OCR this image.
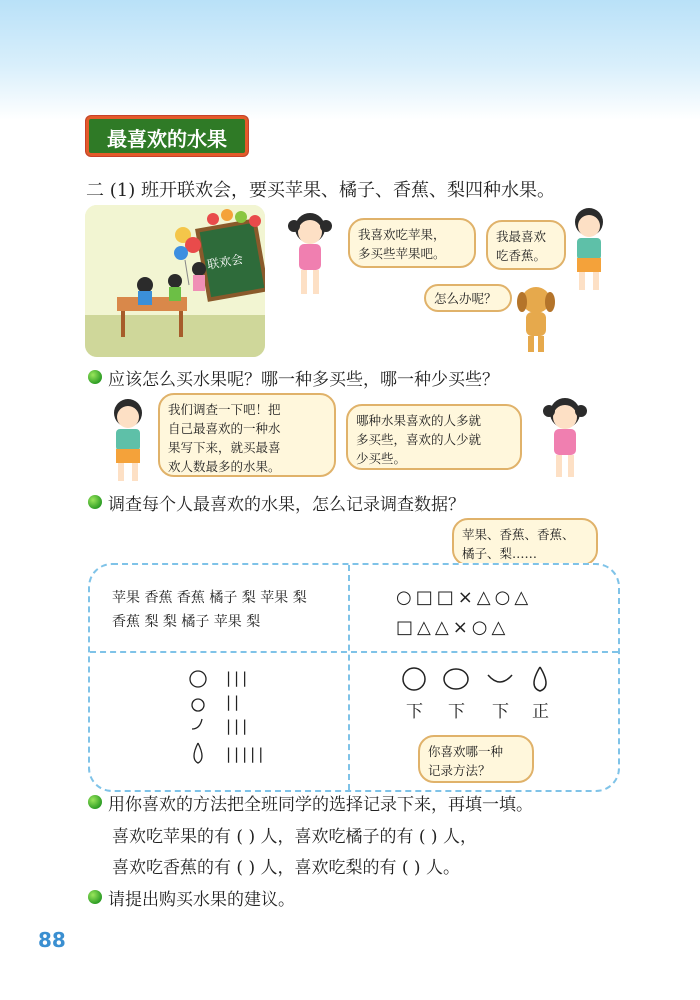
最喜欢的水果
二 (1) 班开联欢会，要买苹果、橘子、香蕉、梨四种水果。
联欢会
我喜欢吃苹果，
多买些苹果吧。
我最喜欢
吃香蕉。
怎么办呢？
应该怎么买水果呢？哪一种多买些，哪一种少买些？
我们调查一下吧！把
自己最喜欢的一种水
果写下来，就买最喜
欢人数最多的水果。
哪种水果喜欢的人多就
多买些，喜欢的人少就
少买些。
调查每个人最喜欢的水果，怎么记录调查数据？
苹果、香蕉、香蕉、
橘子、梨……
苹果 香蕉 香蕉 橘子 梨 苹果 梨
香蕉 梨 梨 橘子 苹果 梨
○□□×△○△
□△△×○△
|||
||
|||
|||||
下 下 下 正
你喜欢哪一种
记录方法？
用你喜欢的方法把全班同学的选择记录下来，再填一填。
喜欢吃苹果的有 ( ) 人，喜欢吃橘子的有 ( ) 人，
喜欢吃香蕉的有 ( ) 人，喜欢吃梨的有 ( ) 人。
请提出购买水果的建议。
88
